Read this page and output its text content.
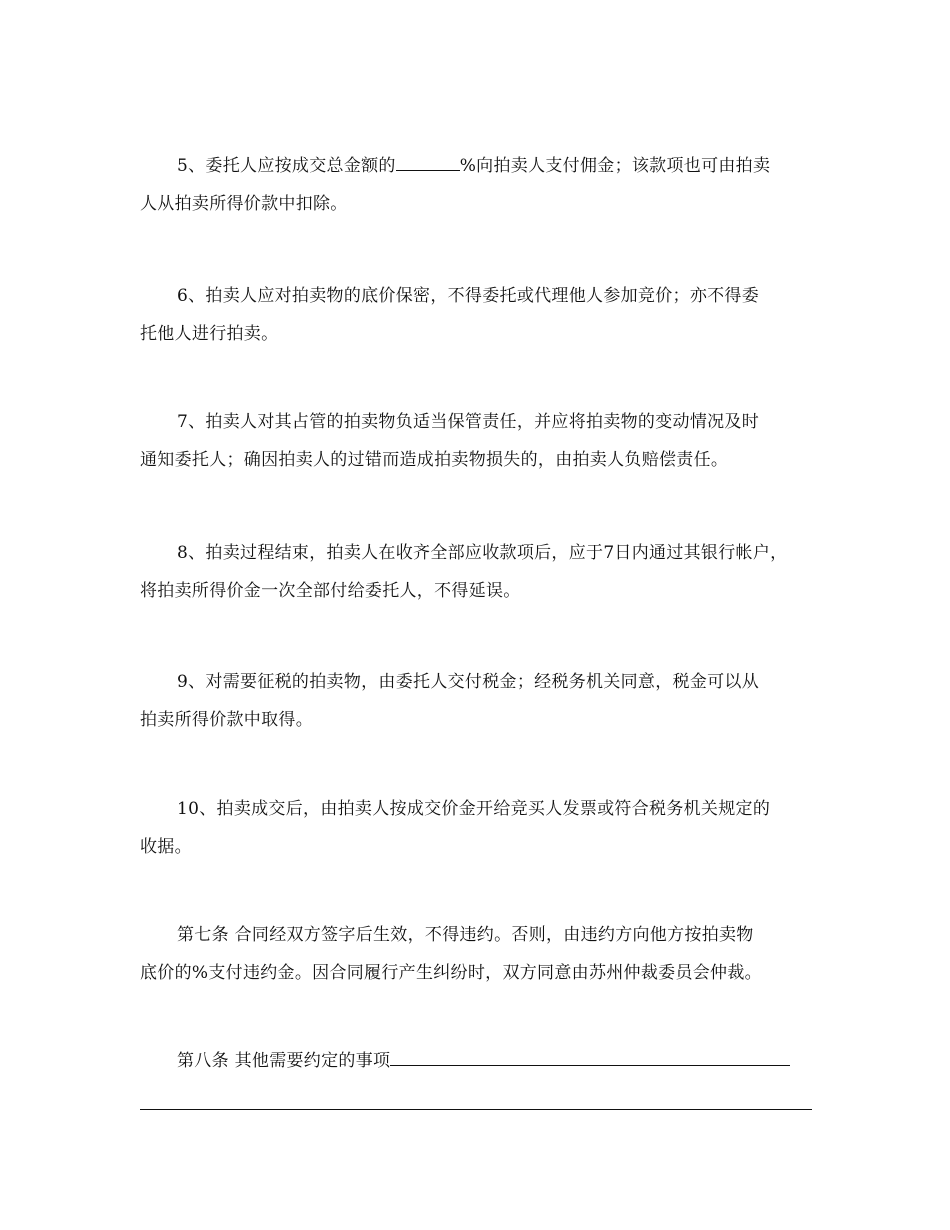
5、委托人应按成交总金额的	%向拍卖人支付佣金；该款项也可由拍卖
人从拍卖所得价款中扣除。
6、拍卖人应对拍卖物的底价保密，不得委托或代理他人参加竞价；亦不得委
托他人进行拍卖。
7、拍卖人对其占管的拍卖物负适当保管责任，并应将拍卖物的变动情况及时
通知委托人；确因拍卖人的过错而造成拍卖物损失的，由拍卖人负赔偿责任。
8、拍卖过程结束，拍卖人在收齐全部应收款项后，应于7日内通过其银行帐户，
将拍卖所得价金一次全部付给委托人，不得延误。
9、对需要征税的拍卖物，由委托人交付税金；经税务机关同意，税金可以从
拍卖所得价款中取得。
10、拍卖成交后，由拍卖人按成交价金开给竞买人发票或符合税务机关规定的
收据。
第七条 合同经双方签字后生效，不得违约。否则，由违约方向他方按拍卖物
底价的%支付违约金。因合同履行产生纠纷时，双方同意由苏州仲裁委员会仲裁。
第八条 其他需要约定的事项
